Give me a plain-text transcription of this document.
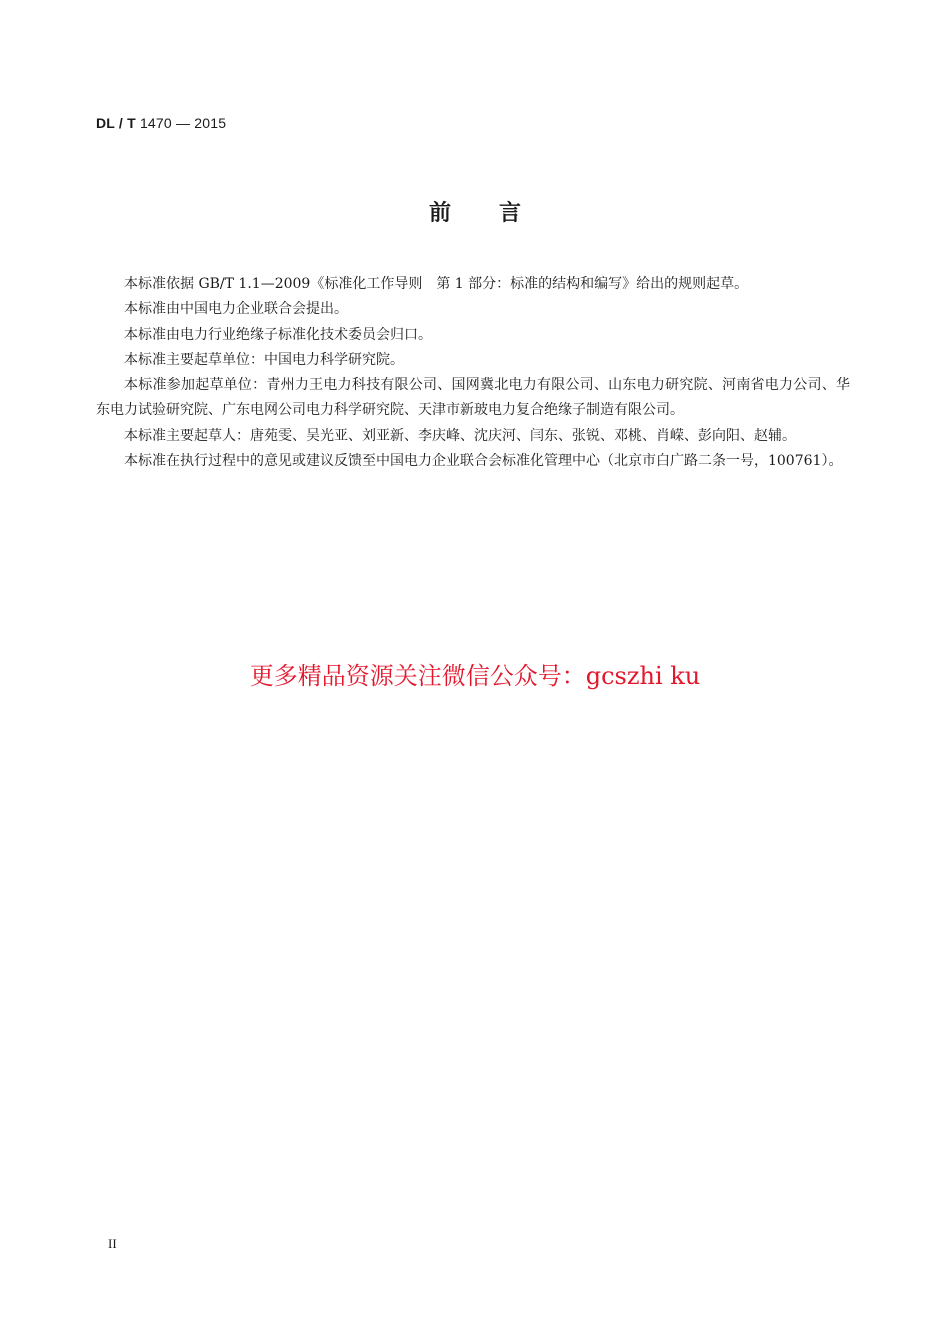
DL / T 1470 — 2015
前言

本标准依据 GB/T 1.1—2009《标准化工作导则　第 1 部分：标准的结构和编写》给出的规则起草。

本标准由中国电力企业联合会提出。

本标准由电力行业绝缘子标准化技术委员会归口。

本标准主要起草单位：中国电力科学研究院。

本标准参加起草单位：青州力王电力科技有限公司、国网冀北电力有限公司、山东电力研究院、河南省电力公司、华东电力试验研究院、广东电网公司电力科学研究院、天津市新玻电力复合绝缘子制造有限公司。

本标准主要起草人：唐苑雯、吴光亚、刘亚新、李庆峰、沈庆河、闫东、张锐、邓桃、肖嵘、彭向阳、赵辅。

本标准在执行过程中的意见或建议反馈至中国电力企业联合会标准化管理中心（北京市白广路二条一号，100761）。

更多精品资源关注微信公众号：gcszhi ku
II
